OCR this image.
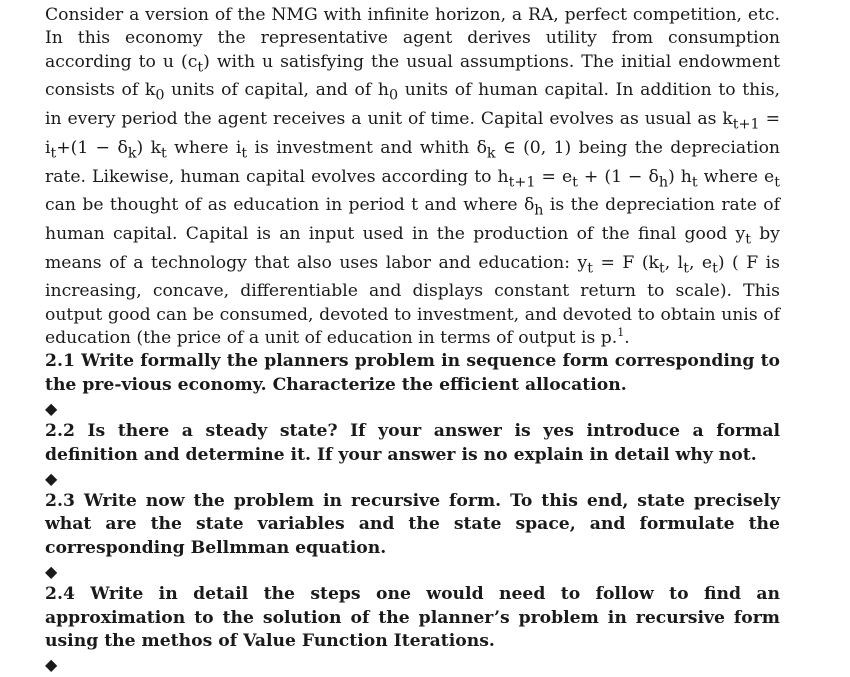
Consider a version of the NMG with infinite horizon, a RA, perfect competition, etc. In this economy the representative agent derives utility from consumption according to u $(c_t)$ with u satisfying the usual assumptions. The initial endowment consists of $k_0$ units of capital, and of $h_0$ units of human capital. In addition to this, in every period the agent receives a unit of time. Capital evolves as usual as $k_{t+1} = i_t+(1 - \delta_k)$ $k_t$ where $i_t$ is investment and whith $\delta_k$ ∈ (0, 1) being the depreciation rate. Likewise, human capital evolves according to $h_{t+1} = e_t + (1 - \delta_h)$ $h_t$ where $e_t$ can be thought of as education in period t and where $\delta_h$ is the depreciation rate of human capital. Capital is an input used in the production of the final good $y_t$ by means of a technology that also uses labor and education: $y_t = F$ ($k_t$, $l_t$, $e_t$) ( F is increasing, concave, differentiable and displays constant return to scale). This output good can be consumed, devoted to investment, and devoted to obtain unis of education (the price of a unit of education in terms of output is p.$^1$.

2.1 Write formally the planners problem in sequence form corresponding to the pre-vious economy. Characterize the efficient allocation.

◆

2.2 Is there a steady state? If your answer is yes introduce a formal definition and determine it. If your answer is no explain in detail why not.

◆

2.3 Write now the problem in recursive form. To this end, state precisely what are the state variables and the state space, and formulate the corresponding Bellmman equation.

◆

2.4 Write in detail the steps one would need to follow to find an approximation to the solution of the planner’s problem in recursive form using the methos of Value Function Iterations.

◆
